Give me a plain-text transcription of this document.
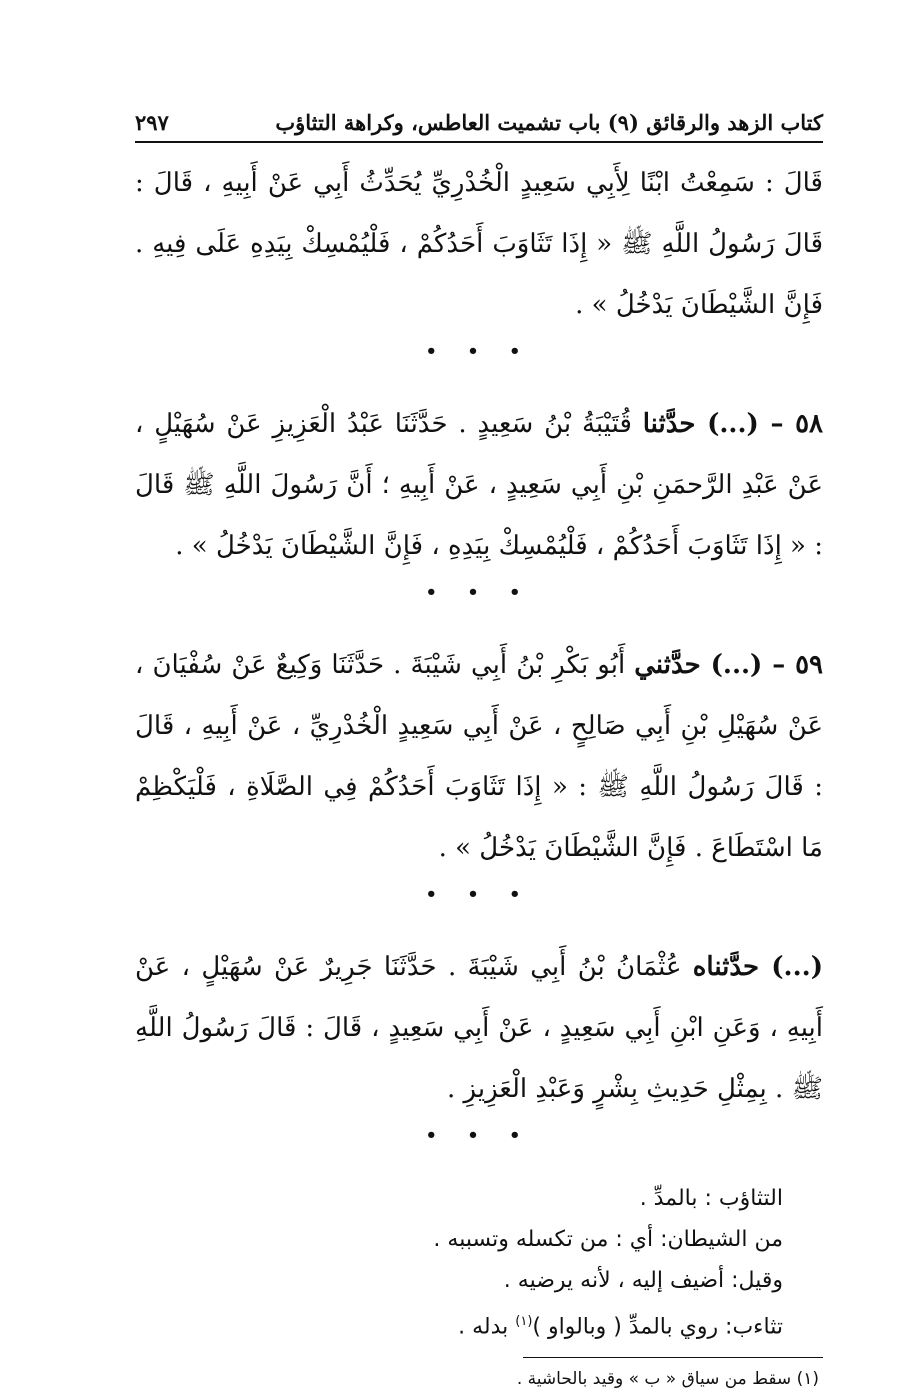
كتاب الزهد والرقائق (٩) باب تشميت العاطس، وكراهة التثاؤب
٢٩٧

قَالَ : سَمِعْتُ ابْنًا لِأَبِي سَعِيدٍ الْخُدْرِيِّ يُحَدِّثُ أَبِي عَنْ أَبِيهِ ، قَالَ : قَالَ رَسُولُ اللَّهِ ﷺ « إِذَا تَثَاوَبَ أَحَدُكُمْ ، فَلْيُمْسِكْ بِيَدِهِ عَلَى فِيهِ . فَإِنَّ الشَّيْطَانَ يَدْخُلُ » .

• • •

٥٨ – (...) حدَّثنا قُتَيْبَةُ بْنُ سَعِيدٍ . حَدَّثَنَا عَبْدُ الْعَزِيزِ عَنْ سُهَيْلٍ ، عَنْ عَبْدِ الرَّحمَنِ بْنِ أَبِي سَعِيدٍ ، عَنْ أَبِيهِ ؛ أَنَّ رَسُولَ اللَّهِ ﷺ قَالَ : « إِذَا تَثَاوَبَ أَحَدُكُمْ ، فَلْيُمْسِكْ بِيَدِهِ ، فَإِنَّ الشَّيْطَانَ يَدْخُلُ » .

• • •

٥٩ – (...) حدَّثني أَبُو بَكْرِ بْنُ أَبِي شَيْبَةَ . حَدَّثَنَا وَكِيعٌ عَنْ سُفْيَانَ ، عَنْ سُهَيْلِ بْنِ أَبِي صَالِحٍ ، عَنْ أَبِي سَعِيدٍ الْخُدْرِيِّ ، عَنْ أَبِيهِ ، قَالَ : قَالَ رَسُولُ اللَّهِ ﷺ : « إِذَا تَثَاوَبَ أَحَدُكُمْ فِي الصَّلَاةِ ، فَلْيَكْظِمْ مَا اسْتَطَاعَ . فَإِنَّ الشَّيْطَانَ يَدْخُلُ » .

• • •

(...) حدَّثناه عُثْمَانُ بْنُ أَبِي شَيْبَةَ . حَدَّثَنَا جَرِيرٌ عَنْ سُهَيْلٍ ، عَنْ أَبِيهِ ، وَعَنِ ابْنِ أَبِي سَعِيدٍ ، عَنْ أَبِي سَعِيدٍ ، قَالَ : قَالَ رَسُولُ اللَّهِ ﷺ . بِمِثْلِ حَدِيثِ بِشْرٍ وَعَبْدِ الْعَزِيزِ .

• • •
التثاؤب : بالمدِّ .
من الشيطان: أي : من تكسله وتسببه .
وقيل: أضيف إليه ، لأنه يرضيه .
تثاءب: روي بالمدِّ ( وبالواو )$^{(١)}$ بدله .

(١) سقط من سياق « ب » وقيد بالحاشية .
